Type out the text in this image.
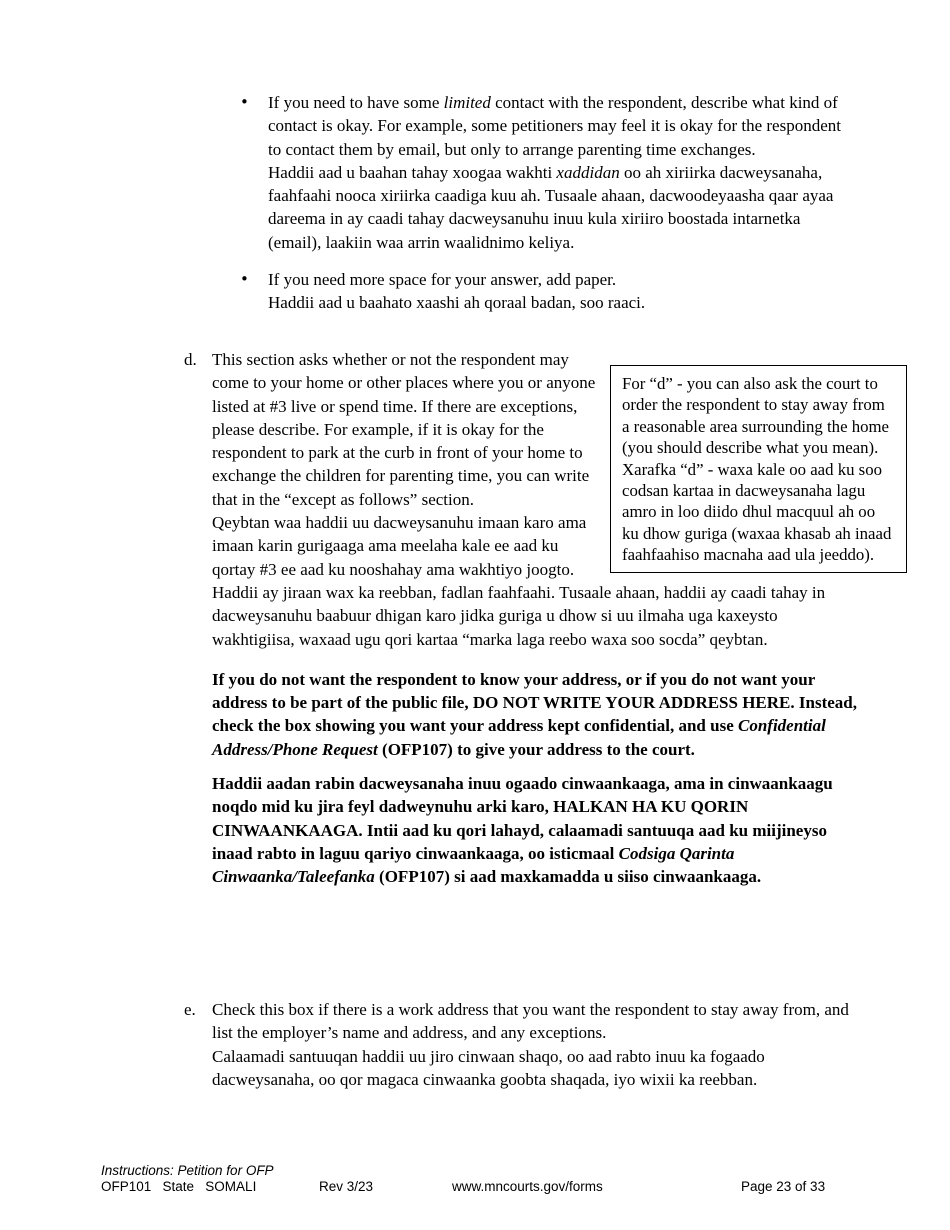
• If you need to have some limited contact with the respondent, describe what kind of contact is okay. For example, some petitioners may feel it is okay for the respondent to contact them by email, but only to arrange parenting time exchanges.

Haddii aad u baahan tahay xoogaa wakhti xaddidan oo ah xiriirka dacweysanaha, faahfaahi nooca xiriirka caadiga kuu ah. Tusaale ahaan, dacwoodeyaasha qaar ayaa dareema in ay caadi tahay dacweysanuhu inuu kula xiriiro boostada intarnetka (email), laakiin waa arrin waalidnimo keliya.

• If you need more space for your answer, add paper.

Haddii aad u baahato xaashi ah qoraal badan, soo raaci.

d.

For “d” - you can also ask the court to order the respondent to stay away from a reasonable area surrounding the home (you should describe what you mean).

Xarafka “d” - waxa kale oo aad ku soo codsan kartaa in dacweysanaha lagu amro in loo diido dhul macquul ah oo ku dhow guriga (waxaa khasab ah inaad faahfaahiso macnaha aad ula jeeddo).

This section asks whether or not the respondent may come to your home or other places where you or anyone listed at #3 live or spend time. If there are exceptions, please describe. For example, if it is okay for the respondent to park at the curb in front of your home to exchange the children for parenting time, you can write that in the “except as follows” section.

Qeybtan waa haddii uu dacweysanuhu imaan karo ama imaan karin gurigaaga ama meelaha kale ee aad ku qortay #3 ee aad ku nooshahay ama wakhtiyo joogto. Haddii ay jiraan wax ka reebban, fadlan faahfaahi. Tusaale ahaan, haddii ay caadi tahay in dacweysanuhu baabuur dhigan karo jidka guriga u dhow si uu ilmaha uga kaxeysto wakhtigiisa, waxaad ugu qori kartaa “marka laga reebo waxa soo socda” qeybtan.

If you do not want the respondent to know your address, or if you do not want your address to be part of the public file, DO NOT WRITE YOUR ADDRESS HERE. Instead, check the box showing you want your address kept confidential, and use Confidential Address/Phone Request (OFP107) to give your address to the court.

Haddii aadan rabin dacweysanaha inuu ogaado cinwaankaaga, ama in cinwaankaagu noqdo mid ku jira feyl dadweynuhu arki karo, HALKAN HA KU QORIN CINWAANKAAGA. Intii aad ku qori lahayd, calaamadi santuuqa aad ku miijineyso inaad rabto in laguu qariyo cinwaankaaga, oo isticmaal Codsiga Qarinta Cinwaanka/Taleefanka (OFP107) si aad maxkamadda u siiso cinwaankaaga.

e. Check this box if there is a work address that you want the respondent to stay away from, and list the employer’s name and address, and any exceptions.

Calaamadi santuuqan haddii uu jiro cinwaan shaqo, oo aad rabto inuu ka fogaado dacweysanaha, oo qor magaca cinwaanka goobta shaqada, iyo wixii ka reebban.

Instructions: Petition for OFP
OFP101   State   SOMALI	Rev 3/23	www.mncourts.gov/forms	Page 23 of 33
